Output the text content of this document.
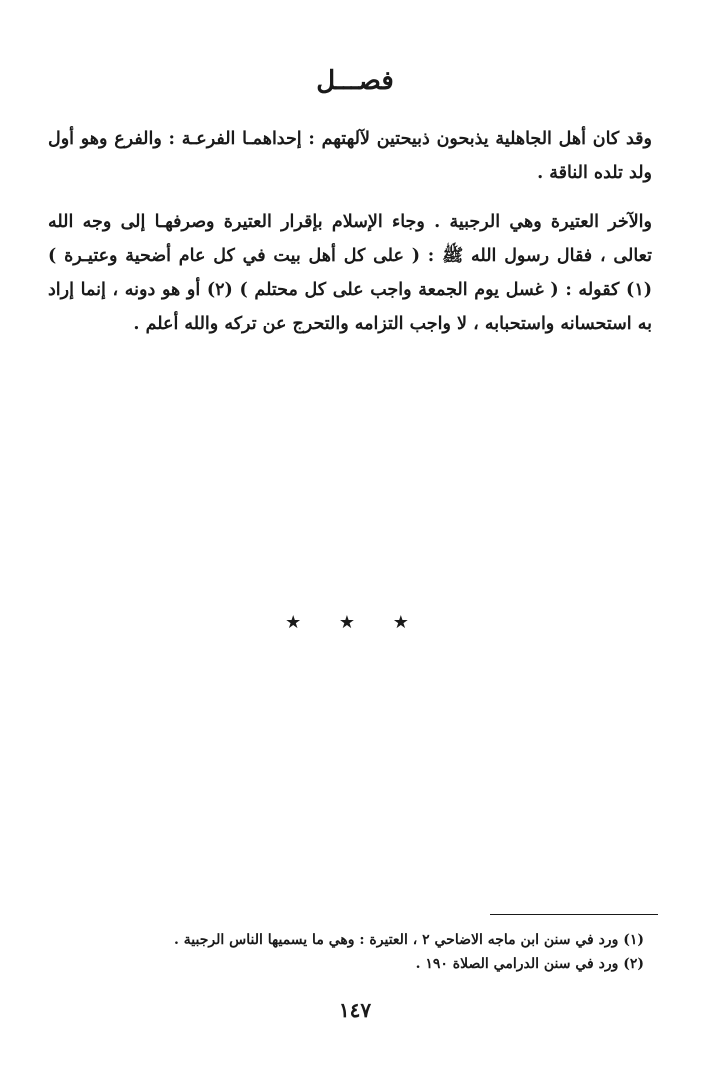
فصـــل
وقد كان أهل الجاهلية يذبحون ذبيحتين لآلهتهم : إحداهمـا الفرعـة : والفرع وهو أول ولد تلده الناقة .
والآخر العتيرة وهي الرجبية . وجاء الإسلام بإقرار العتيرة وصرفهـا إلى وجه الله تعالى ، فقال رسول الله ﷺ : ( على كل أهل بيت في كل عام أضحية وعتيـرة ) (١) كقوله : ( غسل يوم الجمعة واجب على كل محتلم ) (٢) أو هو دونه ، إنما إراد به استحسانه واستحبابه ، لا واجب التزامه والتحرج عن تركه والله أعلم .
★ ★ ★
(١) ورد في سنن ابن ماجه الاضاحي ٢ ، العتيرة : وهي ما يسميها الناس الرجبية .
(٢) ورد في سنن الدرامي الصلاة ١٩٠ .
١٤٧
